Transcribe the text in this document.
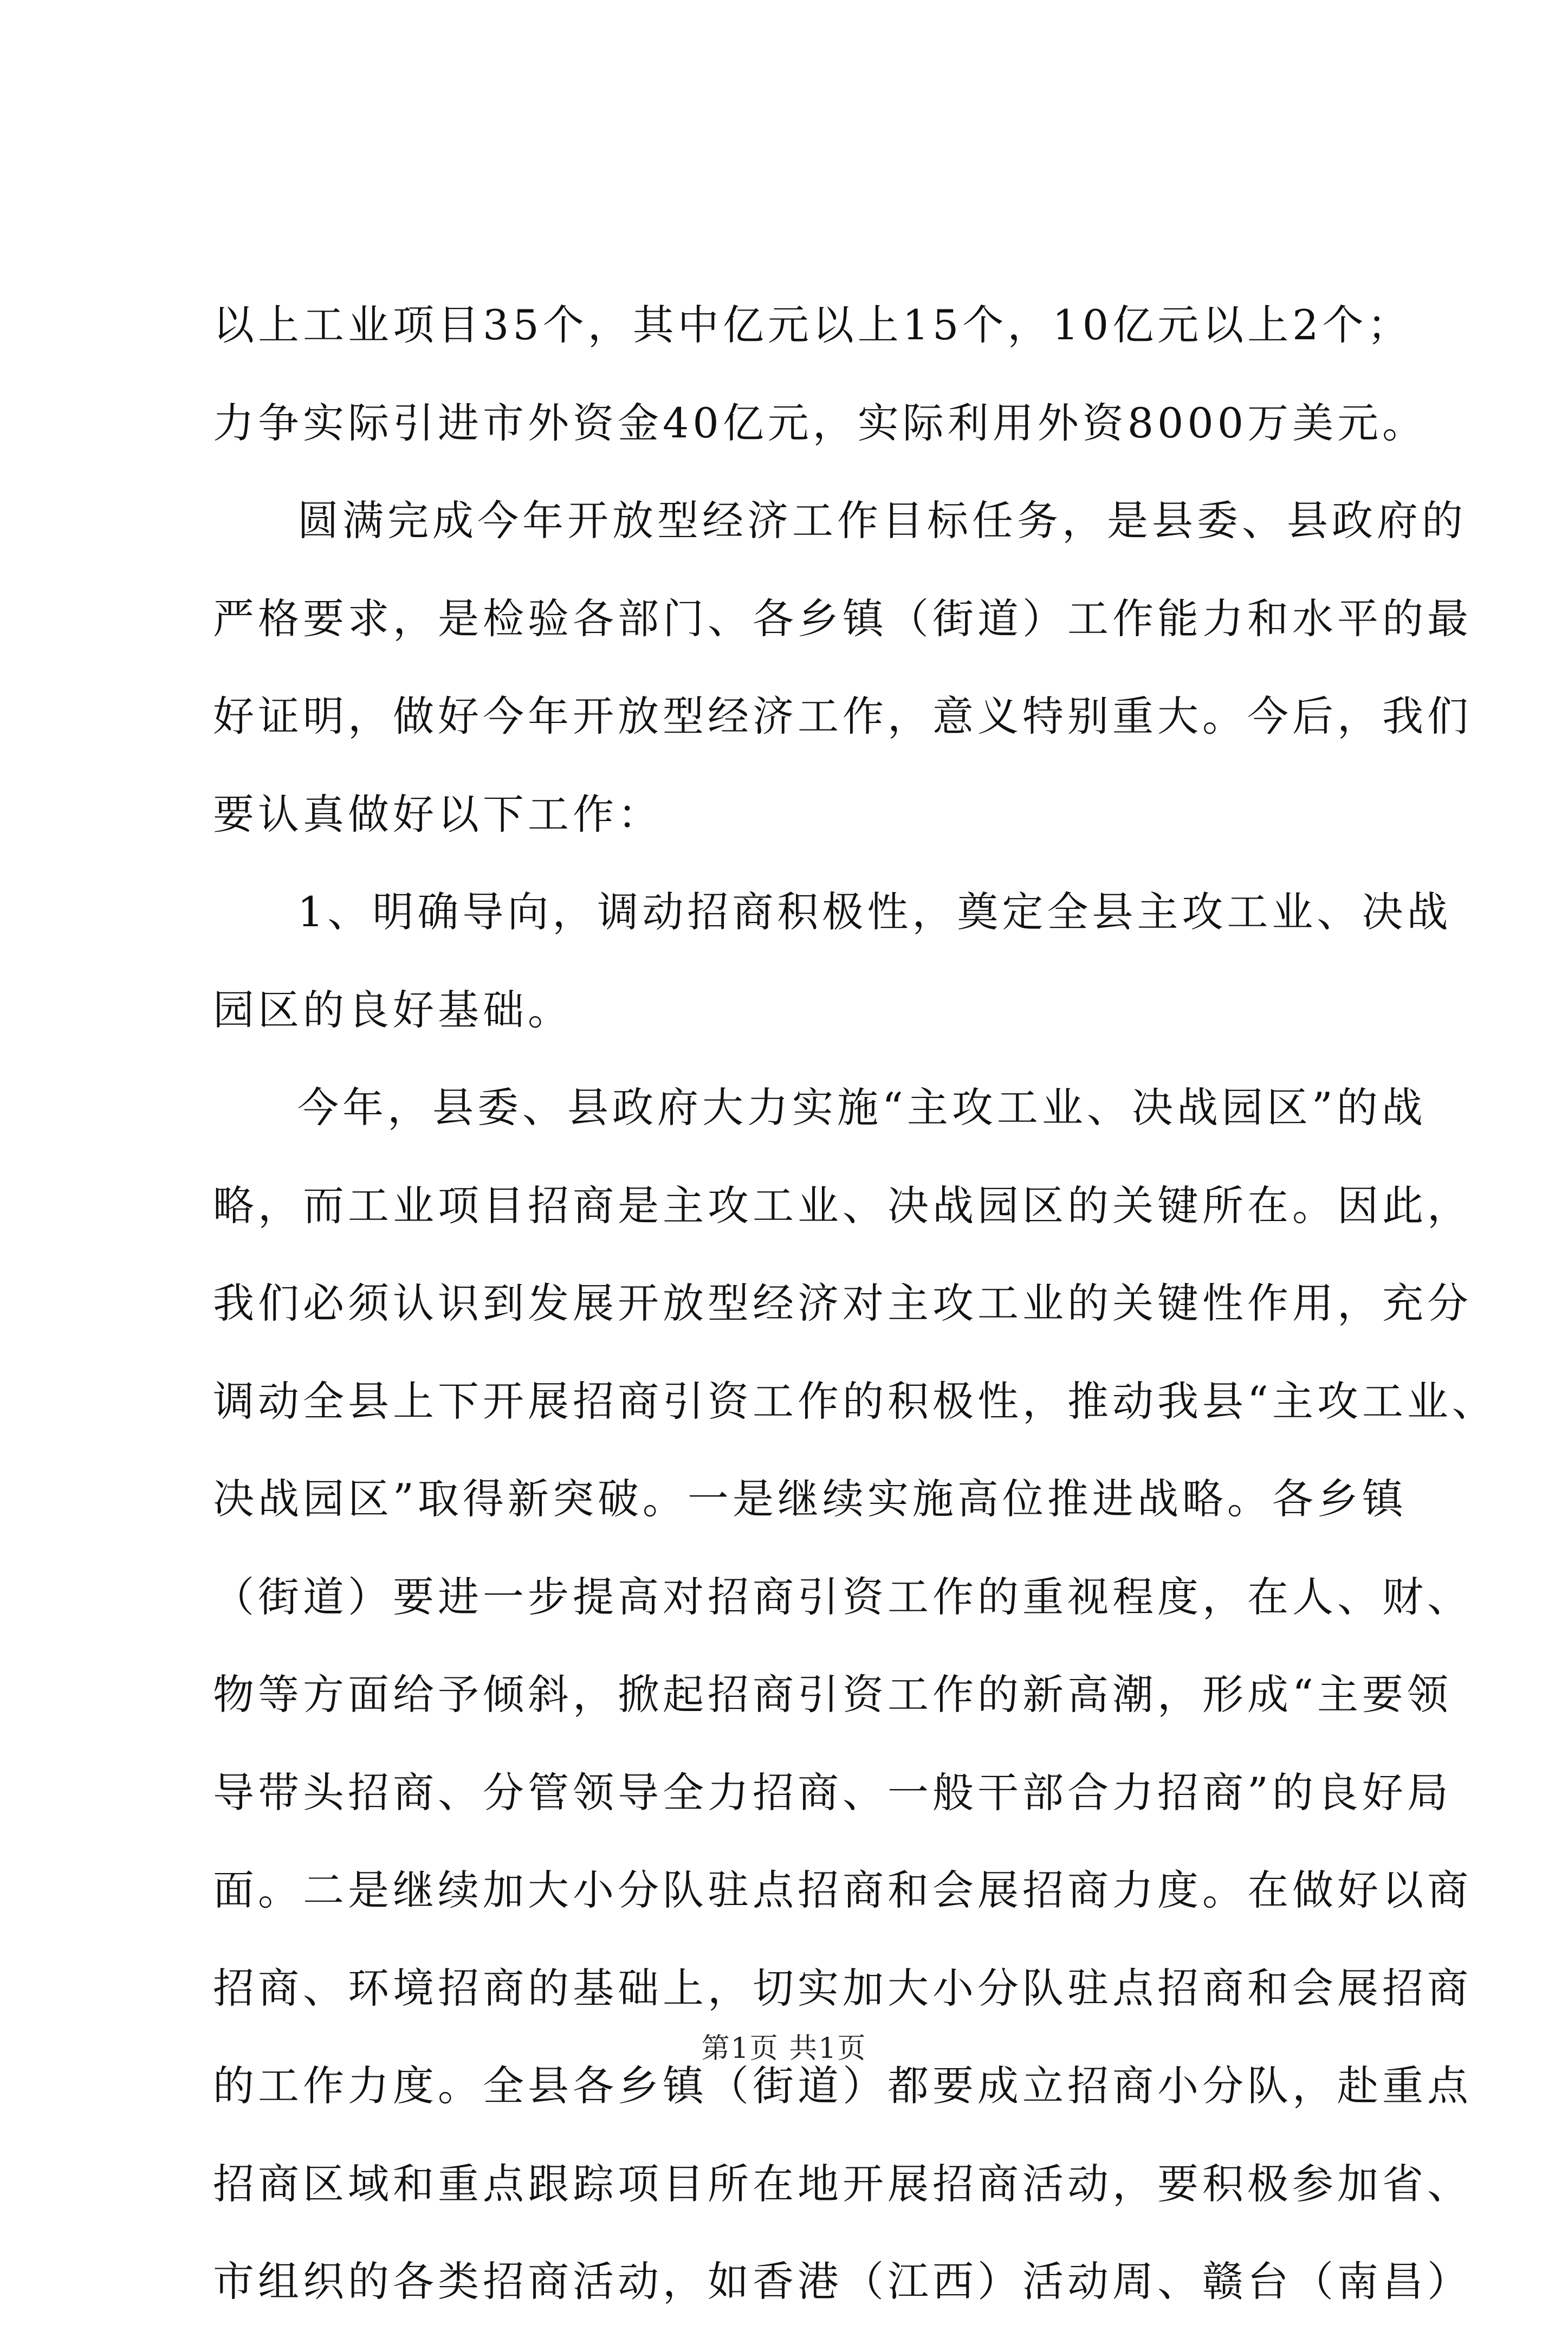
以上工业项目35个，其中亿元以上15个，10亿元以上2个；
力争实际引进市外资金40亿元，实际利用外资8000万美元。
圆满完成今年开放型经济工作目标任务，是县委、县政府的
严格要求，是检验各部门、各乡镇（街道）工作能力和水平的最
好证明，做好今年开放型经济工作，意义特别重大。今后，我们
要认真做好以下工作：
1、明确导向，调动招商积极性，奠定全县主攻工业、决战
园区的良好基础。
今年，县委、县政府大力实施“主攻工业、决战园区”的战
略，而工业项目招商是主攻工业、决战园区的关键所在。因此，
我们必须认识到发展开放型经济对主攻工业的关键性作用，充分
调动全县上下开展招商引资工作的积极性，推动我县“主攻工业、
决战园区”取得新突破。一是继续实施高位推进战略。各乡镇
（街道）要进一步提高对招商引资工作的重视程度，在人、财、
物等方面给予倾斜，掀起招商引资工作的新高潮，形成“主要领
导带头招商、分管领导全力招商、一般干部合力招商”的良好局
面。二是继续加大小分队驻点招商和会展招商力度。在做好以商
招商、环境招商的基础上，切实加大小分队驻点招商和会展招商
的工作力度。全县各乡镇（街道）都要成立招商小分队，赴重点
招商区域和重点跟踪项目所在地开展招商活动，要积极参加省、
市组织的各类招商活动，如香港（江西）活动周、赣台（南昌）
第1页 共1页
